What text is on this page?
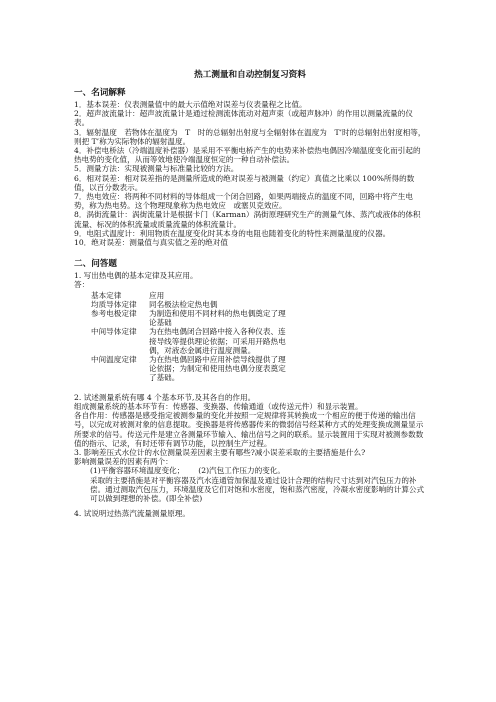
热工测量和自动控制复习资料
一、名词解释

1．基本误差：仪表测量值中的最大示值绝对误差与仪表量程之比值。

2．超声波流量计：超声波流量计是通过检测流体流动对超声束（或超声脉冲）的作用以测量流量的仪表。

3．辐射温度　若物体在温度为　T　时的总辐射出射度与全辐射体在温度为　T’时的总辐射出射度相等，则把 T’称为实际物体的辐射温度。

4．补偿电桥法（冷端温度补偿器）是采用不平衡电桥产生的电势来补偿热电偶因冷端温度变化而引起的热电势的变化值，从而等效地使冷端温度恒定的一种自动补偿法。

5．测量方法：实现被测量与标准量比较的方法。

6．相对误差：相对误差指的是测量所造成的绝对误差与被测量（约定）真值之比乘以 100%所得的数值，以百分数表示。

7．热电效应：将两种不同材料的导体组成一个闭合回路，如果两端接点的温度不同，回路中将产生电势，称为热电势。这个物理现象称为热电效应　或塞贝克效应。

8．涡街流量计：涡街流量计是根据卡门（Karman）涡街原理研究生产的测量气体、蒸汽或液体的体积流量、标况的体积流量或质量流量的体积流量计。

9．电阻式温度计：利用物质在温度变化时其本身的电阻也随着变化的特性来测量温度的仪器。

10．绝对误差：测量值与真实值之差的绝对值

二、问答题

1. 写出热电偶的基本定律及其应用。

答：

基本定律	应用
均质导体定律	同名极法检定热电偶
参考电极定律	为制造和使用不同材料的热电偶奠定了理论基础
中间导体定律	为在热电偶闭合回路中接入各种仪表、连接导线等提供理论依据；可采用开路热电偶，对液态金属进行温度测量。
中间温度定律	为在热电偶回路中应用补偿导线提供了理论依据；为制定和使用热电偶分度表奠定了基础。

2. 试述测量系统有哪 4 个基本环节,及其各自的作用。

组成测量系统的基本环节有：传感器、变换器、传输通道（或传送元件）和显示装置。

各自作用：传感器是感受指定被测参量的变化并按照一定规律将其转换成一个相应的便于传递的输出信号，以完成对被测对象的信息提取。变换器是将传感器传来的微弱信号经某种方式的处理变换成测量显示所要求的信号。传送元件是建立各测量环节输入、输出信号之间的联系。显示装置用于实现对被测参数数值的指示、记录，有时还带有调节功能，以控制生产过程。

3. 影响差压式水位计的水位测量误差因素主要有哪些?减小误差采取的主要措施是什么?

影响测量误差的因素有两个：

(1)平衡容器环境温度变化； (2)汽包工作压力的变化。

采取的主要措施是对平衡容器及汽水连通管加保温及通过设计合理的结构尺寸达到对汽包压力的补偿。通过测取汽包压力，环境温度及它们对饱和水密度，饱和蒸汽密度，冷凝水密度影响的计算公式可以做到理想的补偿。(即全补偿)

4. 试说明过热蒸汽流量测量原理。
